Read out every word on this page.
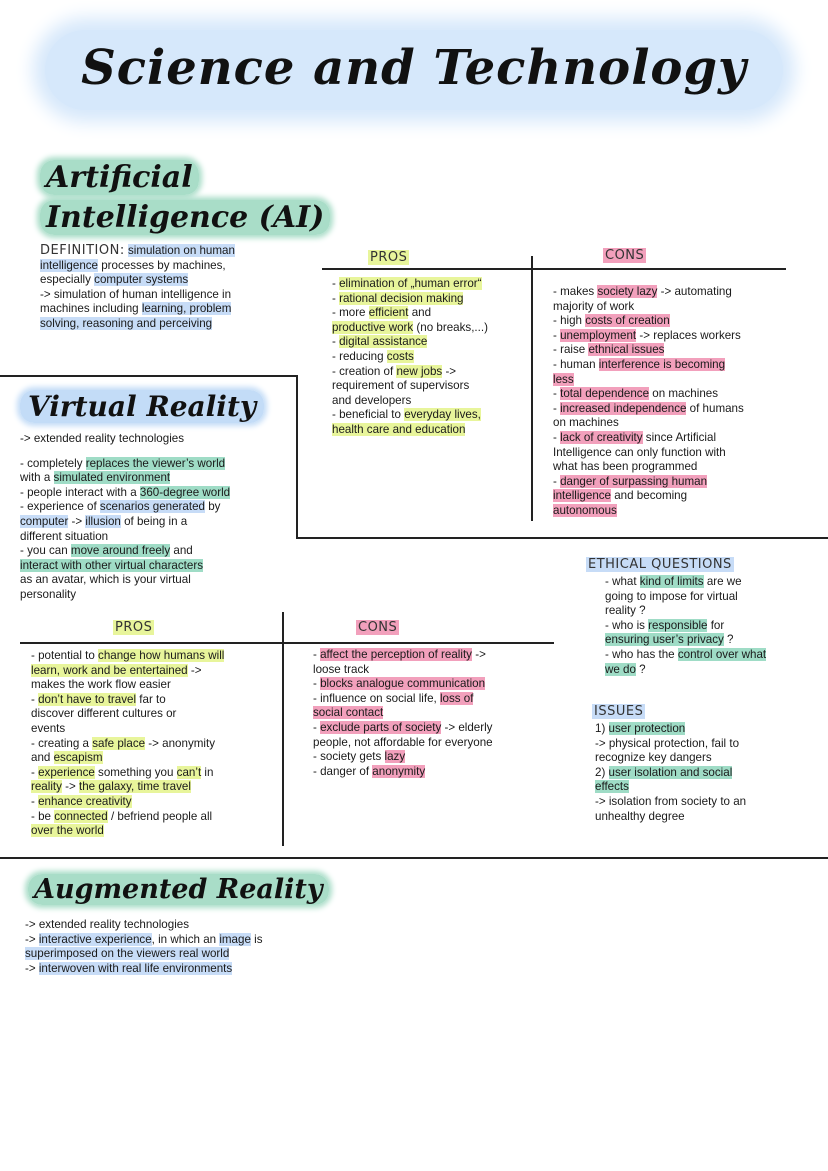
Science and Technology
Artificial
Intelligence (AI)

DEFINITION: simulation on human

intelligence processes by machines,

especially computer systems

-> simulation of human intelligence in

machines including learning, problem

solving, reasoning and perceiving

PROS	CONS

- elimination of „human error“

- rational decision making

- more efficient and

productive work (no breaks,...)

- digital assistance

- reducing costs

- creation of new jobs ->

requirement of supervisors

and developers

- beneficial to everyday lives,

health care and education

- makes society lazy -> automating

majority of work

- high costs of creation

- unemployment -> replaces workers

- raise ethnical issues

- human interference is becoming

less

- total dependence on machines

- increased independence of humans

on machines

- lack of creativity since Artificial

Intelligence can only function with

what has been programmed

- danger of surpassing human

intelligence and becoming

autonomous

Virtual Reality

-> extended reality technologies

- completely replaces the viewer’s world

with a simulated environment

- people interact with a 360-degree world

- experience of scenarios generated by

computer -> illusion of being in a

different situation

- you can move around freely and

interact with other virtual characters

as an avatar, which is your virtual

personality

PROS	CONS

- potential to change how humans will

learn, work and be entertained ->

makes the work flow easier

- don’t have to travel far to

discover different cultures or

events

- creating a safe place -> anonymity

and escapism

- experience something you can’t in

reality -> the galaxy, time travel

- enhance creativity

- be connected / befriend people all

over the world

- affect the perception of reality ->

loose track

- blocks analogue communication

- influence on social life, loss of

social contact

- exclude parts of society -> elderly

people, not affordable for everyone

- society gets lazy

- danger of anonymity

ETHICAL QUESTIONS

- what kind of limits are we

going to impose for virtual

reality ?

- who is responsible for

ensuring user’s privacy ?

- who has the control over what

we do ?

ISSUES

1) user protection

-> physical protection, fail to

recognize key dangers

2) user isolation and social

effects

-> isolation from society to an

unhealthy degree

Augmented Reality

-> extended reality technologies

-> interactive experience, in which an image is

superimposed on the viewers real world

-> interwoven with real life environments
